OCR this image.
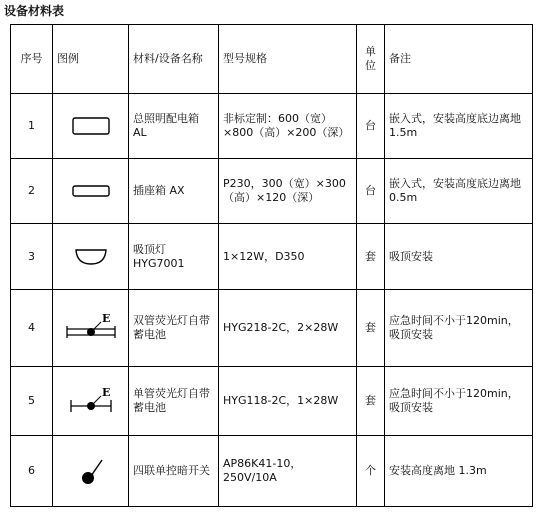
设备材料表
序号	图例	材料/设备名称	型号规格	单位	备注
1		总照明配电箱 AL	非标定制：600（宽）×800（高）×200（深）	台	嵌入式，安装高度底边离地 1.5m
2		插座箱 AX	P230，300（宽）×300（高）×120（深）	台	嵌入式，安装高度底边离地 0.5m
3		吸顶灯 HYG7001	1×12W，D350	套	吸顶安装
4	E	双管荧光灯自带蓄电池	HYG218-2C，2×28W	套	应急时间不小于120min，吸顶安装
5	E	单管荧光灯自带蓄电池	HYG118-2C，1×28W	套	应急时间不小于120min，吸顶安装
6		四联单控暗开关	AP86K41-10，250V/10A	个	安装高度离地 1.3m
